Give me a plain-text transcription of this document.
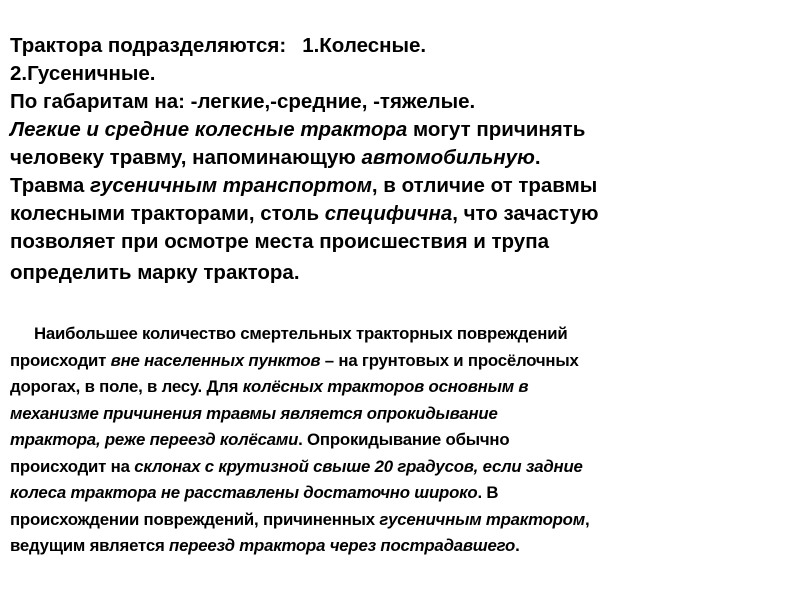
Трактора подразделяются: 1.Колесные.
2.Гусеничные.
По габаритам на: -легкие,-средние, -тяжелые.
Легкие и средние колесные трактора могут причинять
человеку травму, напоминающую автомобильную.
Травма гусеничным транспортом, в отличие от травмы
колесными тракторами, столь специфична, что зачастую
позволяет при осмотре места происшествия и трупа
определить марку трактора.
Наибольшее количество смертельных тракторных повреждений
происходит вне населенных пунктов – на грунтовых и просёлочных
дорогах, в поле, в лесу. Для колёсных тракторов основным в
механизме причинения травмы является опрокидывание
трактора, реже переезд колёсами. Опрокидывание обычно
происходит на склонах с крутизной свыше 20 градусов, если задние
колеса трактора не расставлены достаточно широко. В
происхождении повреждений, причиненных гусеничным трактором,
ведущим является переезд трактора через пострадавшего.
